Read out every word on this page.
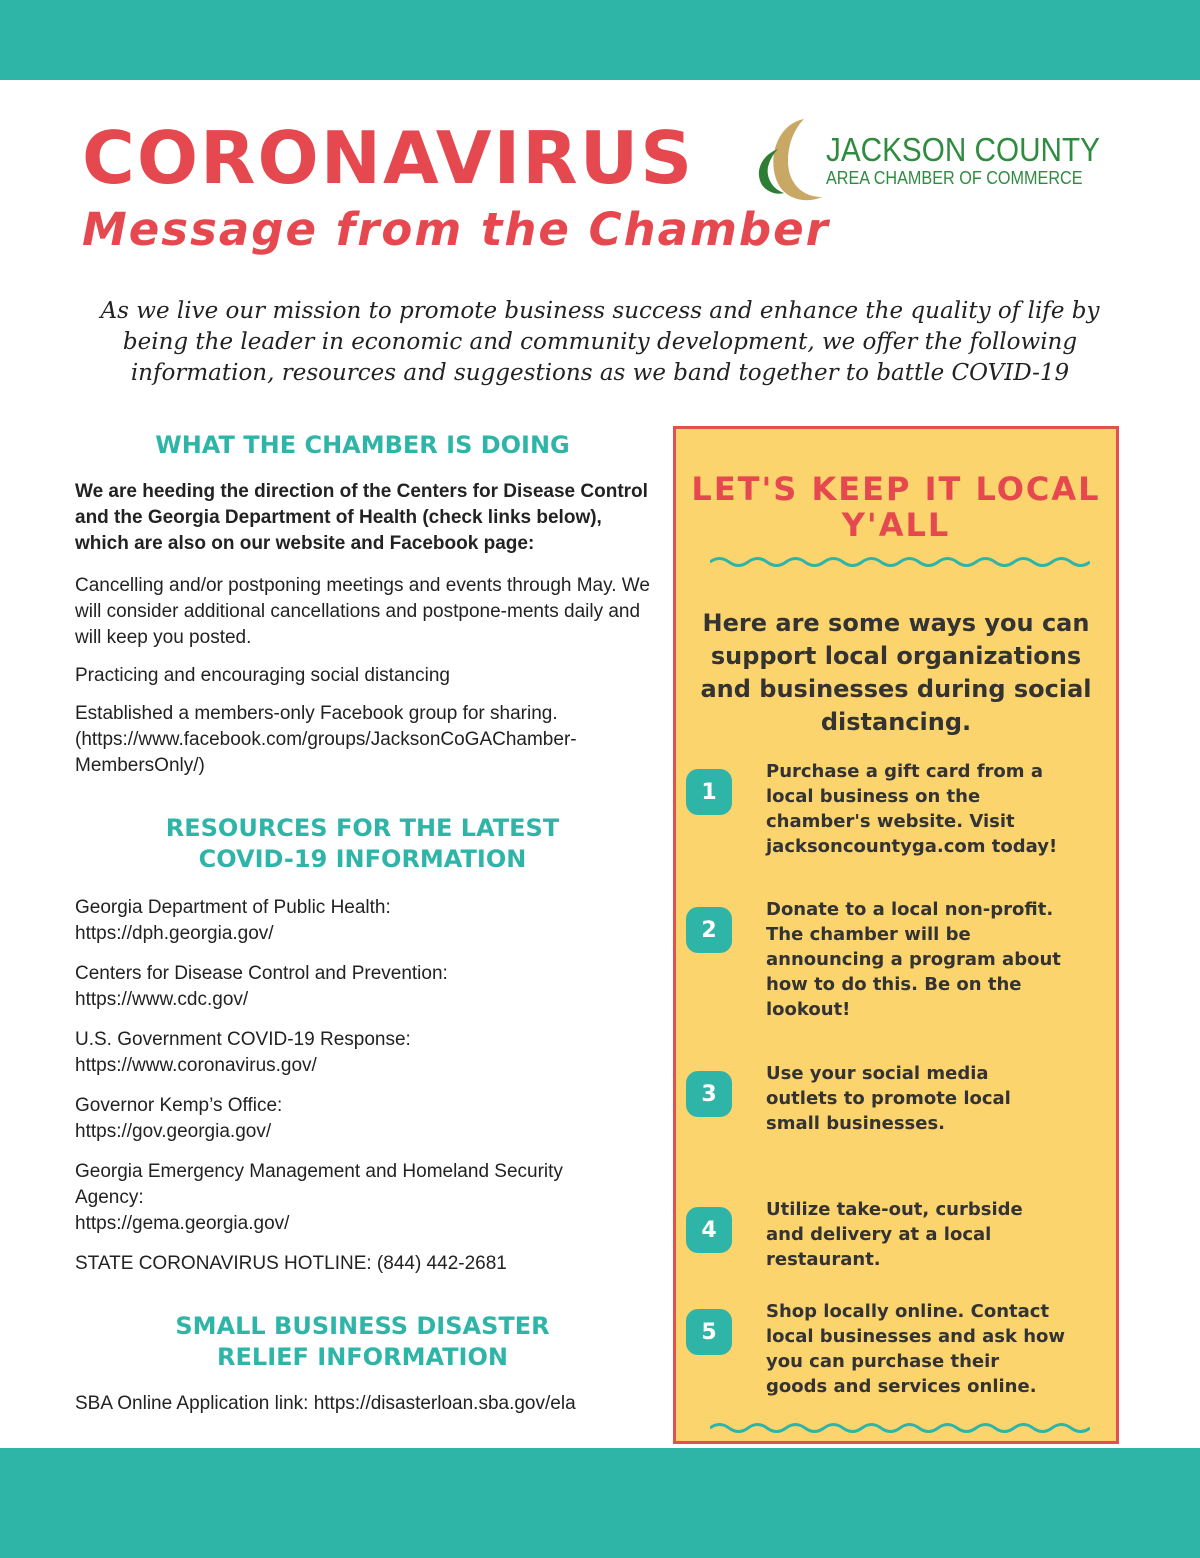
CORONAVIRUS
Message from the Chamber
JACKSON COUNTY
AREA CHAMBER OF COMMERCE

As we live our mission to promote business success and enhance the quality of life by being the leader in economic and community development, we offer the following information, resources and suggestions as we band together to battle COVID-19

WHAT THE CHAMBER IS DOING

We are heeding the direction of the Centers for Disease Control and the Georgia Department of Health (check links below), which are also on our website and Facebook page:

Cancelling and/or postponing meetings and events through May. We will consider additional cancellations and postpone-ments daily and will keep you posted.

Practicing and encouraging social distancing

Established a members-only Facebook group for sharing. (https://www.facebook.com/groups/JacksonCoGAChamber-MembersOnly/)

RESOURCES FOR THE LATEST COVID-19 INFORMATION

Georgia Department of Public Health:

https://dph.georgia.gov/

Centers for Disease Control and Prevention:

https://www.cdc.gov/

U.S. Government COVID-19 Response:

https://www.coronavirus.gov/

Governor Kemp’s Office:

https://gov.georgia.gov/

Georgia Emergency Management and Homeland Security Agency:

https://gema.georgia.gov/

STATE CORONAVIRUS HOTLINE: (844) 442-2681

SMALL BUSINESS DISASTER RELIEF INFORMATION

SBA Online Application link: https://disasterloan.sba.gov/ela

LET'S KEEP IT LOCAL Y'ALL

Here are some ways you can support local organizations and businesses during social distancing.

1

Purchase a gift card from a local business on the chamber's website. Visit jacksoncountyga.com today!

2

Donate to a local non-profit. The chamber will be announcing a program about how to do this. Be on the lookout!

3

Use your social media outlets to promote local small businesses.

4

Utilize take-out, curbside and delivery at a local restaurant.

5

Shop locally online. Contact local businesses and ask how you can purchase their goods and services online.
